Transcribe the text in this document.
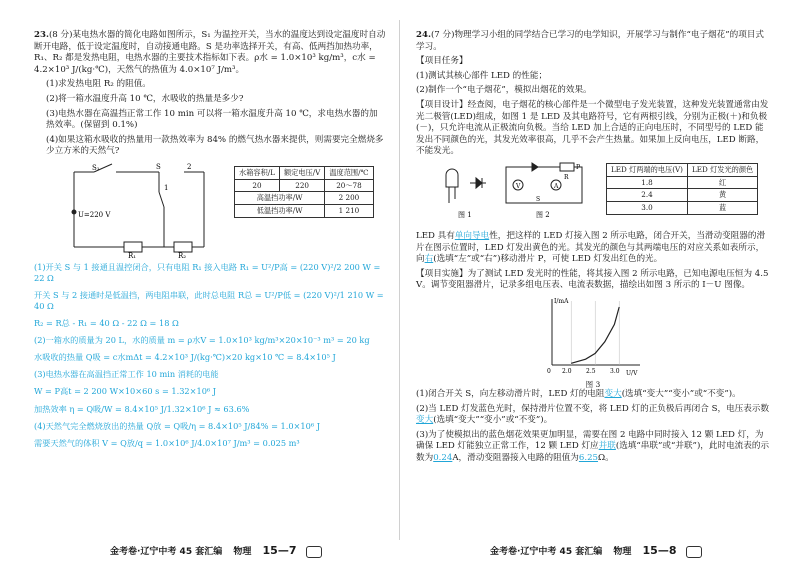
23.(8 分)某电热水器的简化电路如图所示，S₁ 为温控开关，当水的温度达到设定温度时自动断开电路，低于设定温度时，自动接通电路。S 是功率选择开关，有高、低两挡加热功率，R₁、R₂ 都是发热电阻，电热水器的主要技术指标如下表。ρ水 = 1.0×10³ kg/m³，c水 = 4.2×10³ J/(kg·℃)，天然气的热值为 4.0×10⁷ J/m³。

(1)求发热电阻 R₂ 的阻值。

(2)将一箱水温度升高 10 ℃，水吸收的热量是多少?

(3)电热水器在高温挡正常工作 10 min 可以将一箱水温度升高 10 ℃，求电热水器的加热效率。(保留到 0.1%)

(4)如果这箱水吸收的热量用一款热效率为 84% 的燃气热水器来提供，则需要完全燃烧多少立方米的天然气?

S₁	S
1
2
U=220 V
R₁	R₂
水箱容积/L	额定电压/V	温度范围/℃
20	220	20～78
高温挡功率/W		2 200
低温挡功率/W		1 210

(1)开关 S 与 1 接通且温控闭合，只有电阻 R₁ 接入电路 R₁ = U²/P高 = (220 V)²/2 200 W = 22 Ω

开关 S 与 2 接通时是低温挡，两电阻串联，此时总电阻 R总 = U²/P低 = (220 V)²/1 210 W = 40 Ω

R₂ = R总 - R₁ = 40 Ω - 22 Ω = 18 Ω

(2)一箱水的质量为 20 L，水的质量 m = ρ水V = 1.0×10³ kg/m³×20×10⁻³ m³ = 20 kg

水吸收的热量 Q吸 = c水mΔt = 4.2×10³ J/(kg·℃)×20 kg×10 ℃ = 8.4×10⁵ J

(3)电热水器在高温挡正常工作 10 min 消耗的电能

W = P高t = 2 200 W×10×60 s = 1.32×10⁶ J

加热效率 η = Q吸/W = 8.4×10⁵ J/1.32×10⁶ J ≈ 63.6%

(4)天然气完全燃烧放出的热量 Q放 = Q吸/η = 8.4×10⁵ J/84% = 1.0×10⁶ J

需要天然气的体积 V = Q放/q = 1.0×10⁶ J/4.0×10⁷ J/m³ = 0.025 m³

金考卷·辽宁中考 45 套汇编 物理 15—7

24.(7 分)物理学习小组的同学结合已学习的电学知识，开展学习与制作“电子烟花”的项目式学习。

【项目任务】

(1)测试其核心部件 LED 的性能；

(2)制作一个“电子烟花”，模拟出烟花的效果。

【项目设计】经查阅，电子烟花的核心部件是一个微型电子发光装置，这种发光装置通常由发光二极管(LED)组成，如图 1 是 LED 及其电路符号，它有两根引线，分别为正极(＋)和负极(－)，只允许电流从正极流向负极。当给 LED 加上合适的正向电压时，不同型号的 LED 能发出不同颜色的光，其发光效率很高，几乎不会产生热量。如果加上反向电压，LED 断路，不能发光。

图 1
V	A
R
P
S
图 2
LED 灯两端的电压(V)	LED 灯发光的颜色
1.8	红
2.4	黄
3.0	蓝

LED 具有单向导电性，把这样的 LED 灯接入图 2 所示电路，闭合开关，当滑动变阻器的滑片在图示位置时，LED 灯发出黄色的光。其发光的颜色与其两端电压的对应关系如表所示，向右(选填“左”或“右”)移动滑片 P，可使 LED 灯发出红色的光。

【项目实施】为了测试 LED 发光时的性能，将其接入图 2 所示电路，已知电源电压恒为 4.5 V。调节变阻器滑片，记录多组电压表、电流表数据，描绘出如图 3 所示的 I－U 图像。

I/mA
U/V
0 2.0 2.5 3.0
图 3

(1)闭合开关 S，向左移动滑片时，LED 灯的电阻变大(选填“变大”“变小”或“不变”)。

(2)当 LED 灯发蓝色光时，保持滑片位置不变，将 LED 灯的正负极后再闭合 S，电压表示数变大(选填“变大”“变小”或“不变”)。

(3)为了使模拟出的蓝色烟花效果更加明显，需要在图 2 电路中同时接入 12 颗 LED 灯，为确保 LED 灯能独立正常工作，12 颗 LED 灯应并联(选填“串联”或“并联”)，此时电流表的示数为0.24A，滑动变阻器接入电路的阻值为6.25Ω。

金考卷·辽宁中考 45 套汇编 物理 15—8
